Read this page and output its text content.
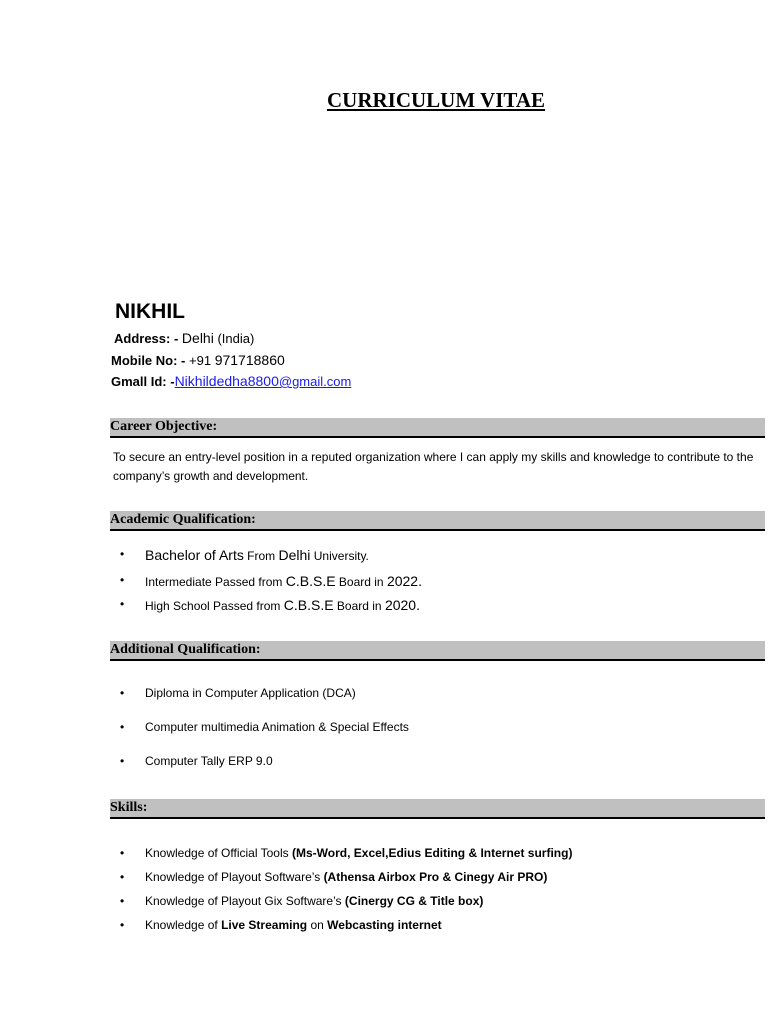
CURRICULUM VITAE
NIKHIL
Address: - Delhi (India)
Mobile No: - +91 971718860
Gmall Id: -Nikhildedha8800@gmail.com
Career Objective:
To secure an entry-level position in a reputed organization where I can apply my skills and knowledge to contribute to the company’s growth and development.
Academic Qualification:
• Bachelor of Arts From Delhi University.
• Intermediate Passed from C.B.S.E Board in 2022.
• High School Passed from C.B.S.E Board in 2020.
Additional Qualification:
• Diploma in Computer Application (DCA)
• Computer multimedia Animation & Special Effects
• Computer Tally ERP 9.0
Skills:
• Knowledge of Official Tools (Ms-Word, Excel,Edius Editing & Internet surfing)
• Knowledge of Playout Software’s (Athensa Airbox Pro & Cinegy Air PRO)
• Knowledge of Playout Gix Software’s (Cinergy CG & Title box)
• Knowledge of Live Streaming on Webcasting internet
